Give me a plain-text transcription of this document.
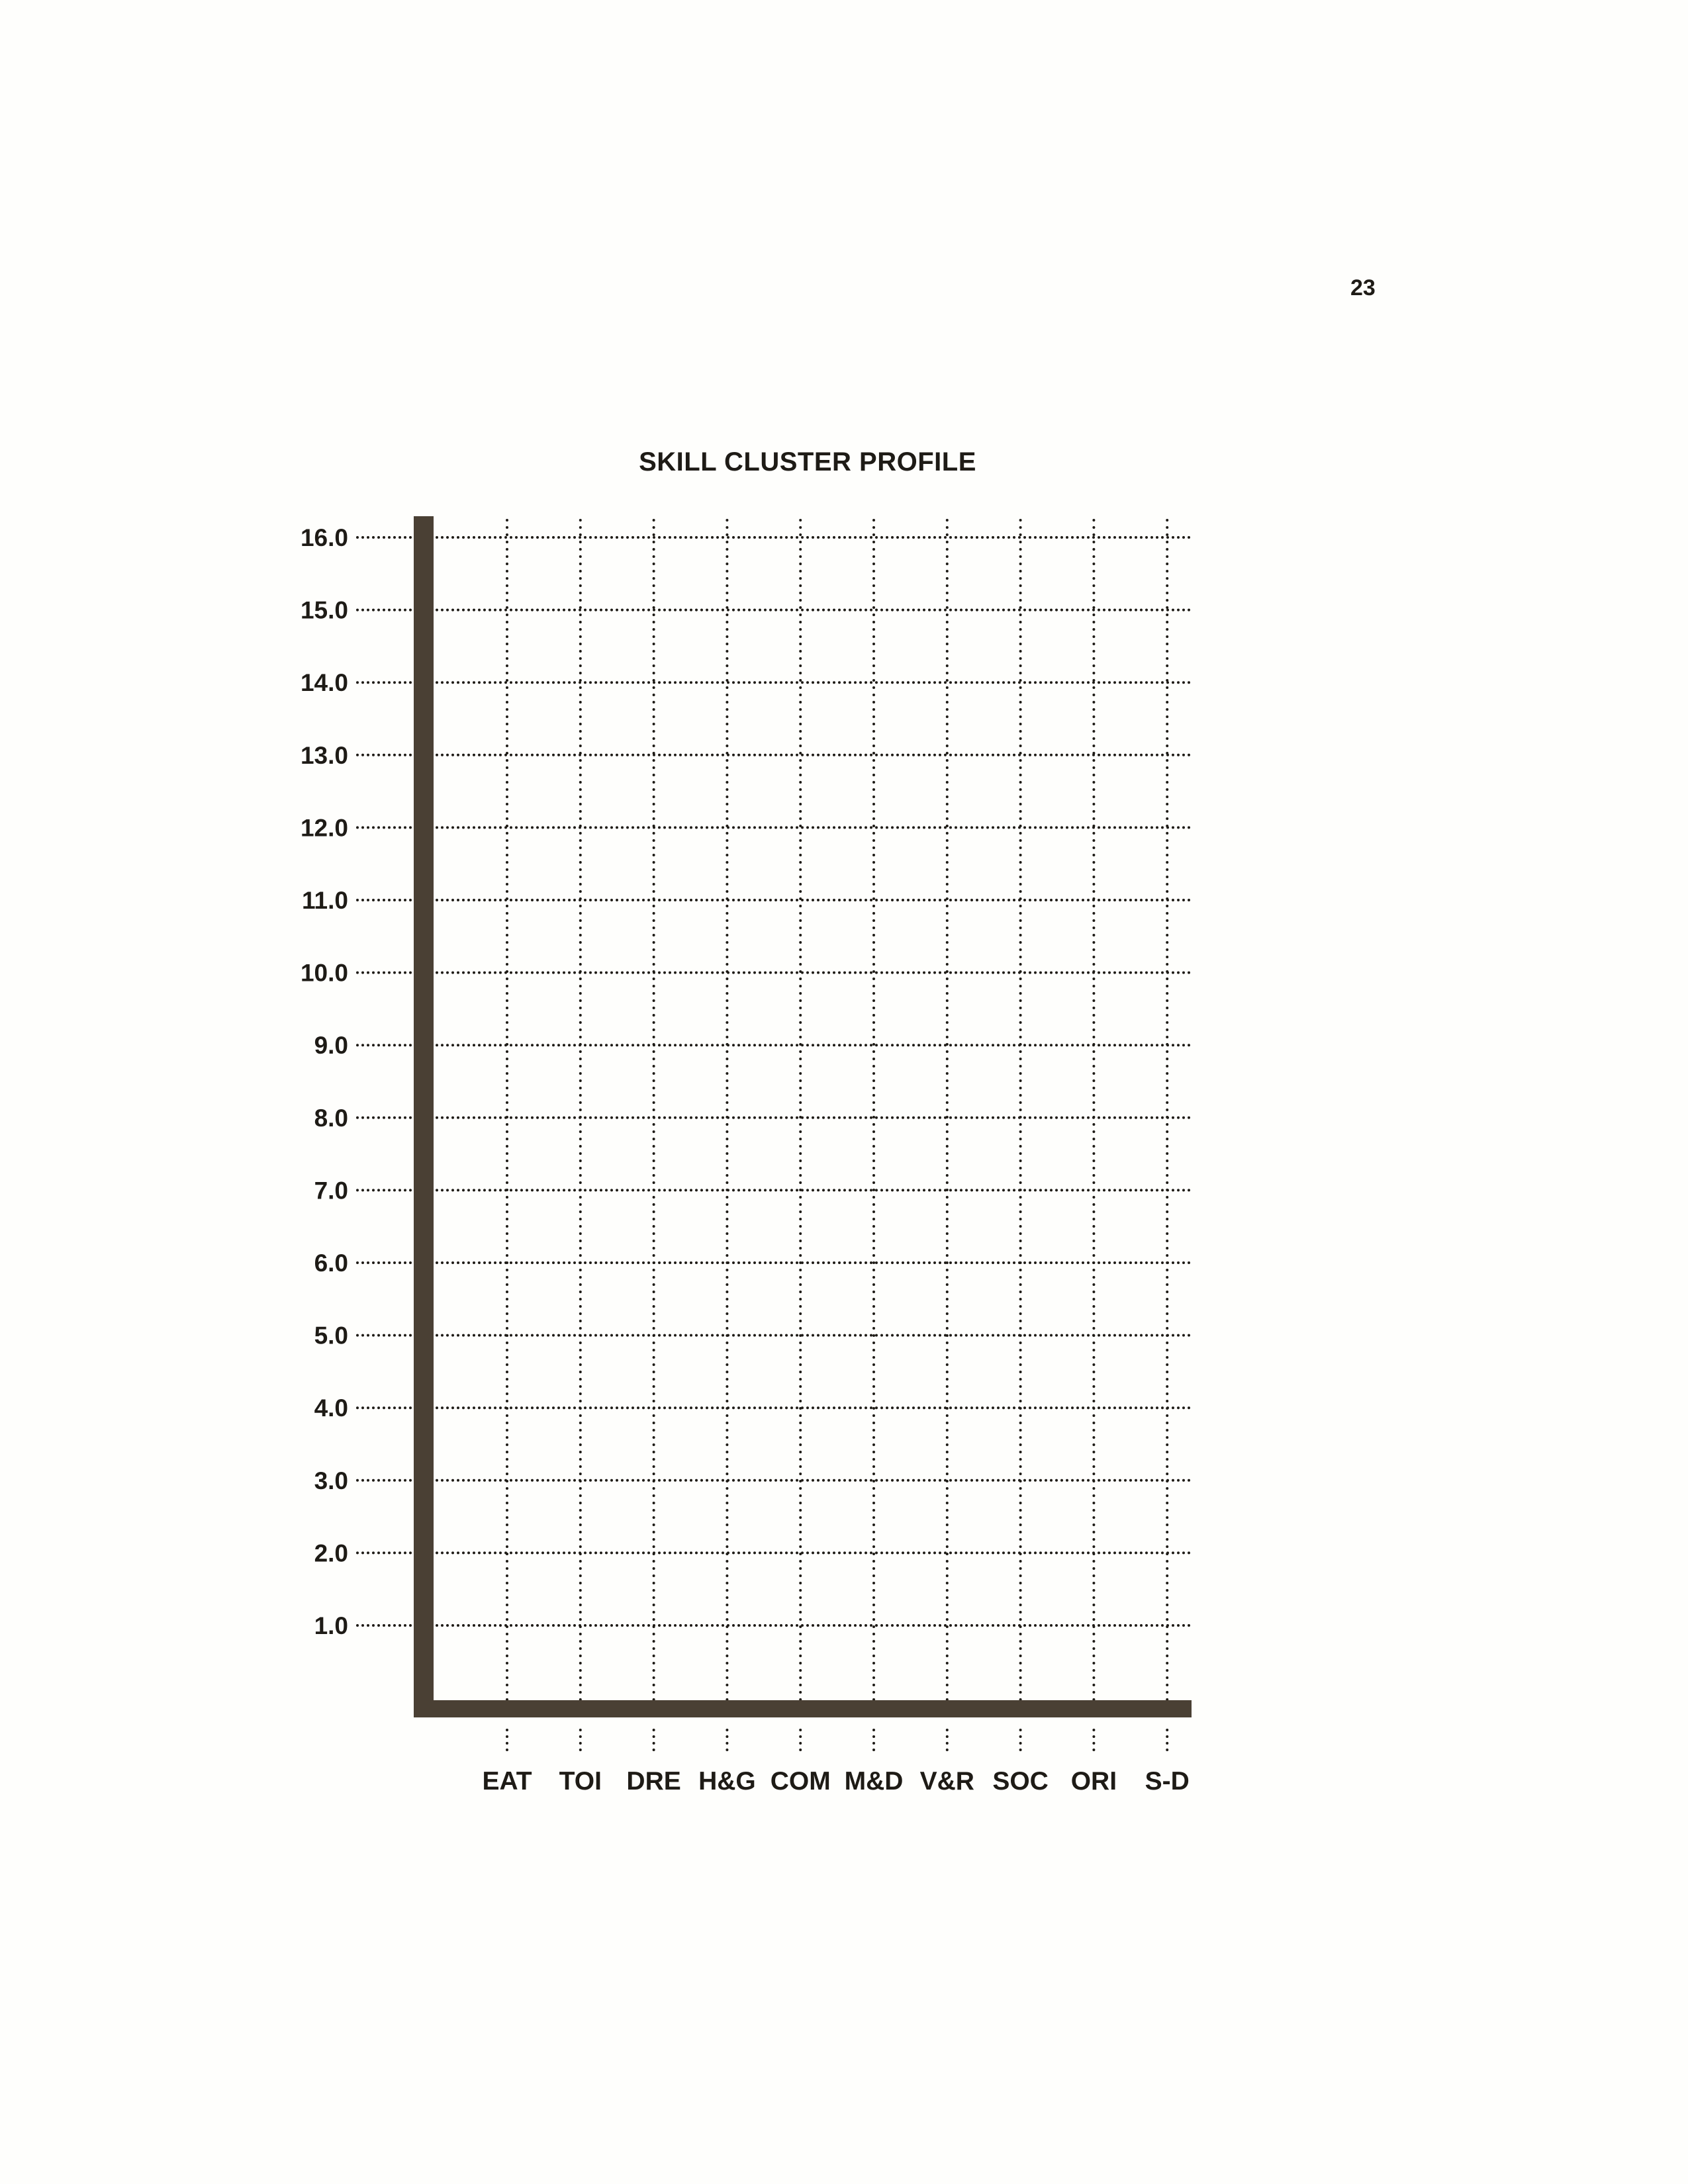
23
SKILL CLUSTER PROFILE
16.0
15.0
14.0
13.0
12.0
11.0
10.0
9.0
8.0
7.0
6.0
5.0
4.0
3.0
2.0
1.0
EAT TOI DRE H&G COM M&D V&R SOC ORI S-D
